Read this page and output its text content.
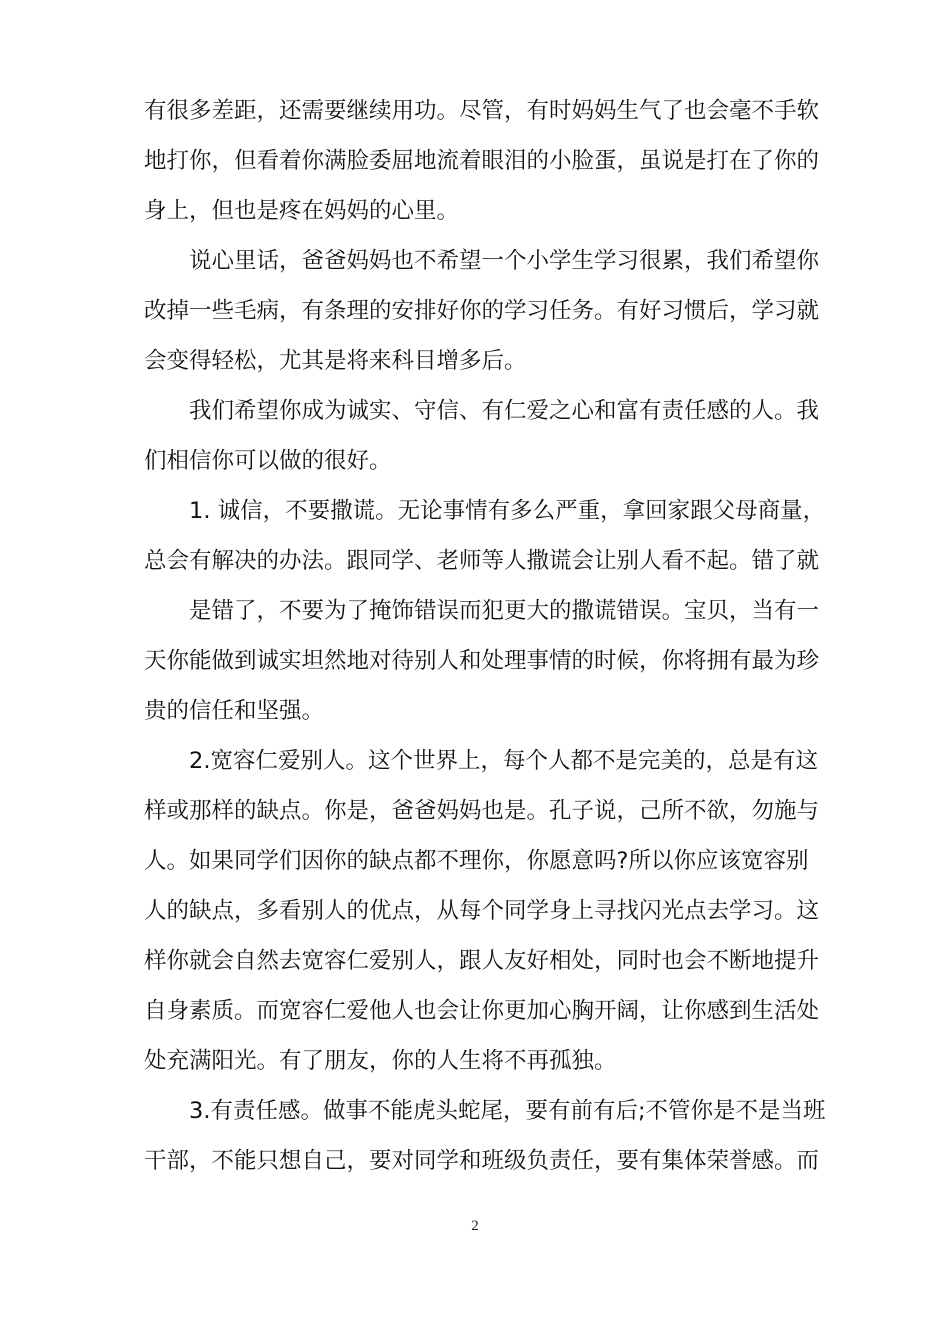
有很多差距，还需要继续用功。尽管，有时妈妈生气了也会毫不手软
地打你，但看着你满脸委屈地流着眼泪的小脸蛋，虽说是打在了你的
身上，但也是疼在妈妈的心里。
说心里话，爸爸妈妈也不希望一个小学生学习很累，我们希望你
改掉一些毛病，有条理的安排好你的学习任务。有好习惯后，学习就
会变得轻松，尤其是将来科目增多后。
我们希望你成为诚实、守信、有仁爱之心和富有责任感的人。我
们相信你可以做的很好。
1. 诚信，不要撒谎。无论事情有多么严重，拿回家跟父母商量，
总会有解决的办法。跟同学、老师等人撒谎会让别人看不起。错了就
是错了，不要为了掩饰错误而犯更大的撒谎错误。宝贝，当有一
天你能做到诚实坦然地对待别人和处理事情的时候，你将拥有最为珍
贵的信任和坚强。
2.宽容仁爱别人。这个世界上，每个人都不是完美的，总是有这
样或那样的缺点。你是，爸爸妈妈也是。孔子说，己所不欲，勿施与
人。如果同学们因你的缺点都不理你，你愿意吗?所以你应该宽容别
人的缺点，多看别人的优点，从每个同学身上寻找闪光点去学习。这
样你就会自然去宽容仁爱别人，跟人友好相处，同时也会不断地提升
自身素质。而宽容仁爱他人也会让你更加心胸开阔，让你感到生活处
处充满阳光。有了朋友，你的人生将不再孤独。
3.有责任感。做事不能虎头蛇尾，要有前有后;不管你是不是当班
干部，不能只想自己，要对同学和班级负责任，要有集体荣誉感。而
2
